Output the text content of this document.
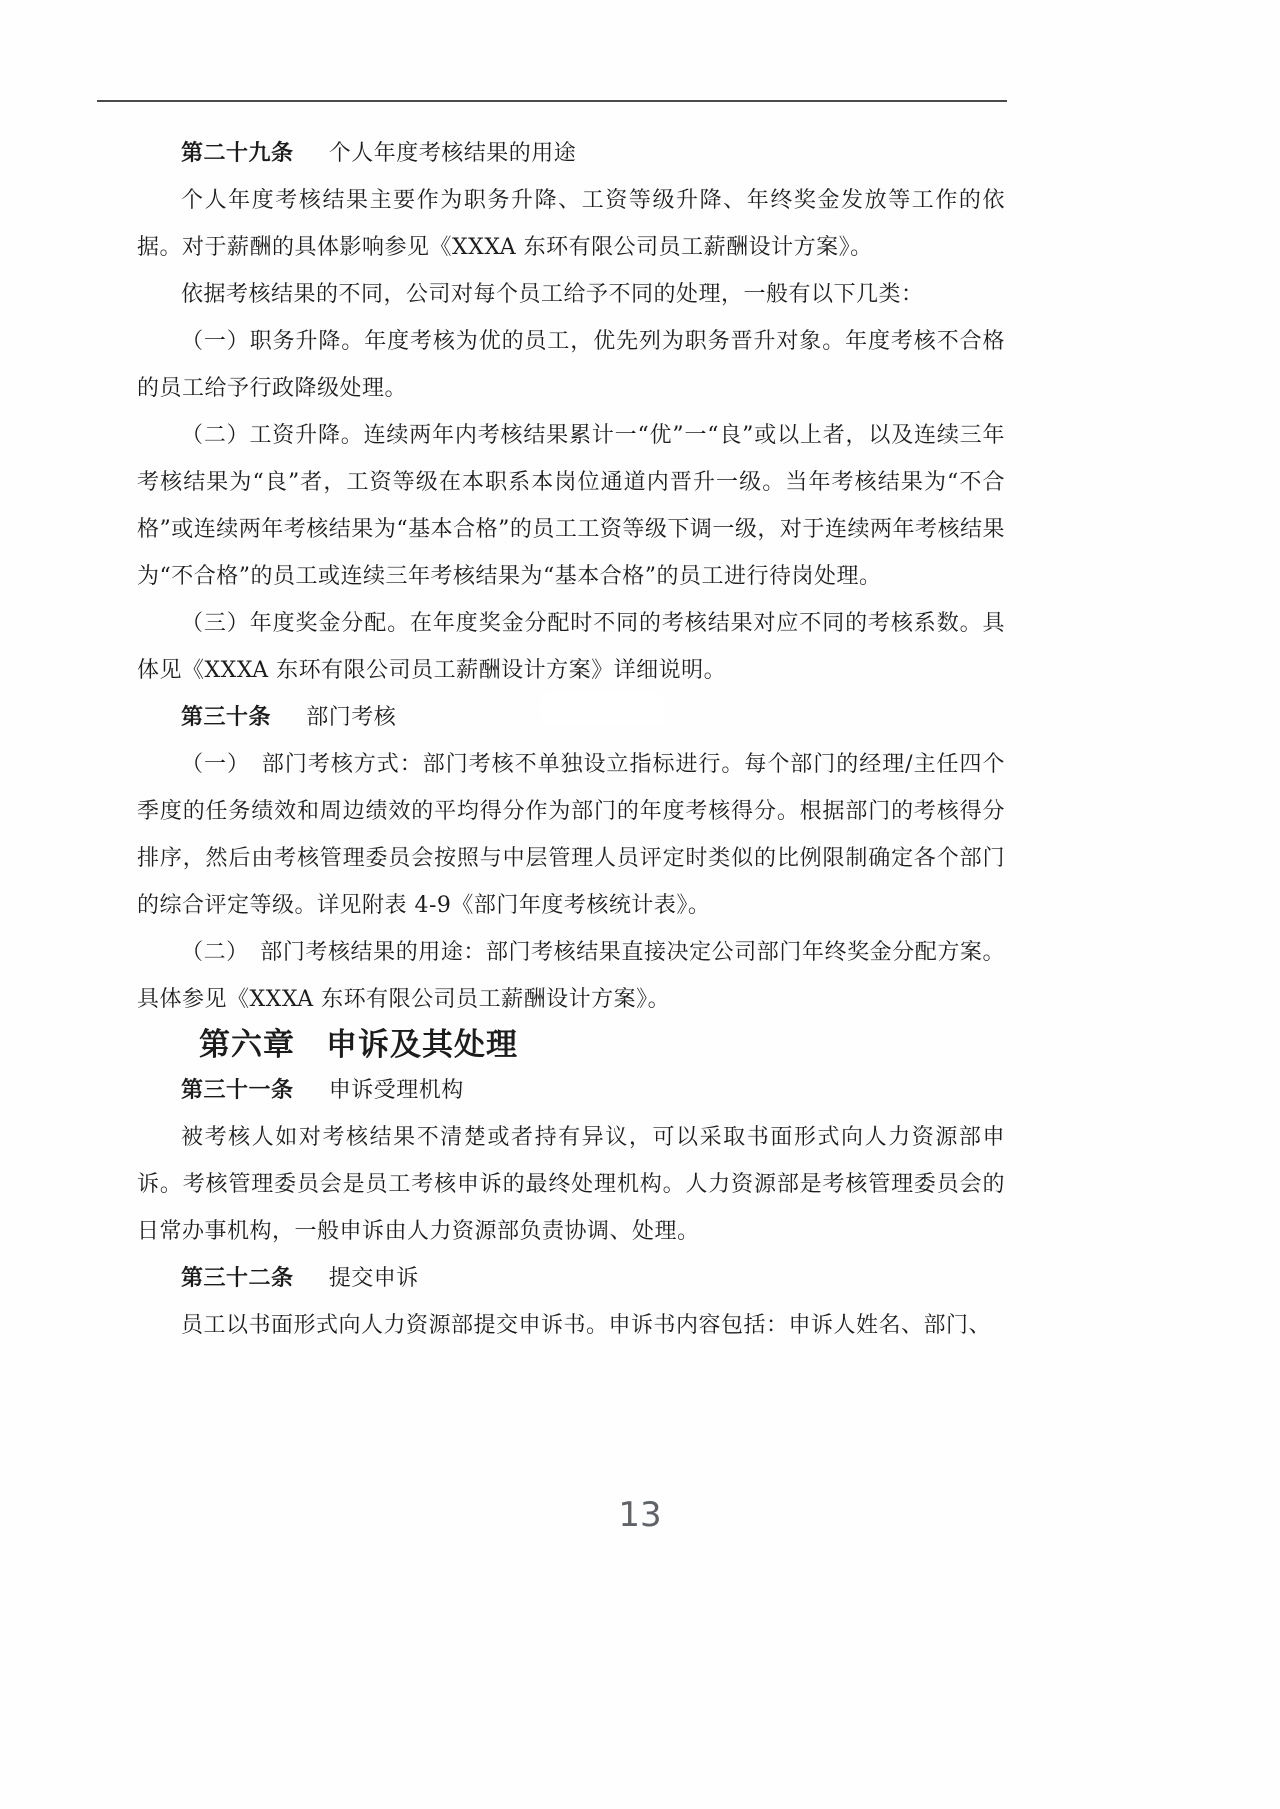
第二十九条 个人年度考核结果的用途

个人年度考核结果主要作为职务升降、工资等级升降、年终奖金发放等工作的依据。对于薪酬的具体影响参见《XXXA 东环有限公司员工薪酬设计方案》。

依据考核结果的不同，公司对每个员工给予不同的处理，一般有以下几类：

（一）职务升降。年度考核为优的员工，优先列为职务晋升对象。年度考核不合格的员工给予行政降级处理。

（二）工资升降。连续两年内考核结果累计一“优”一“良”或以上者，以及连续三年考核结果为“良”者，工资等级在本职系本岗位通道内晋升一级。当年考核结果为“不合格”或连续两年考核结果为“基本合格”的员工工资等级下调一级，对于连续两年考核结果为“不合格”的员工或连续三年考核结果为“基本合格”的员工进行待岗处理。

（三）年度奖金分配。在年度奖金分配时不同的考核结果对应不同的考核系数。具体见《XXXA 东环有限公司员工薪酬设计方案》详细说明。

第三十条 部门考核

（一）　部门考核方式：部门考核不单独设立指标进行。每个部门的经理/主任四个季度的任务绩效和周边绩效的平均得分作为部门的年度考核得分。根据部门的考核得分排序，然后由考核管理委员会按照与中层管理人员评定时类似的比例限制确定各个部门的综合评定等级。详见附表 4-9《部门年度考核统计表》。

（二）　部门考核结果的用途：部门考核结果直接决定公司部门年终奖金分配方案。具体参见《XXXA 东环有限公司员工薪酬设计方案》。

第六章 申诉及其处理

第三十一条 申诉受理机构

被考核人如对考核结果不清楚或者持有异议，可以采取书面形式向人力资源部申诉。考核管理委员会是员工考核申诉的最终处理机构。人力资源部是考核管理委员会的日常办事机构，一般申诉由人力资源部负责协调、处理。

第三十二条 提交申诉

员工以书面形式向人力资源部提交申诉书。申诉书内容包括：申诉人姓名、部门、

13
